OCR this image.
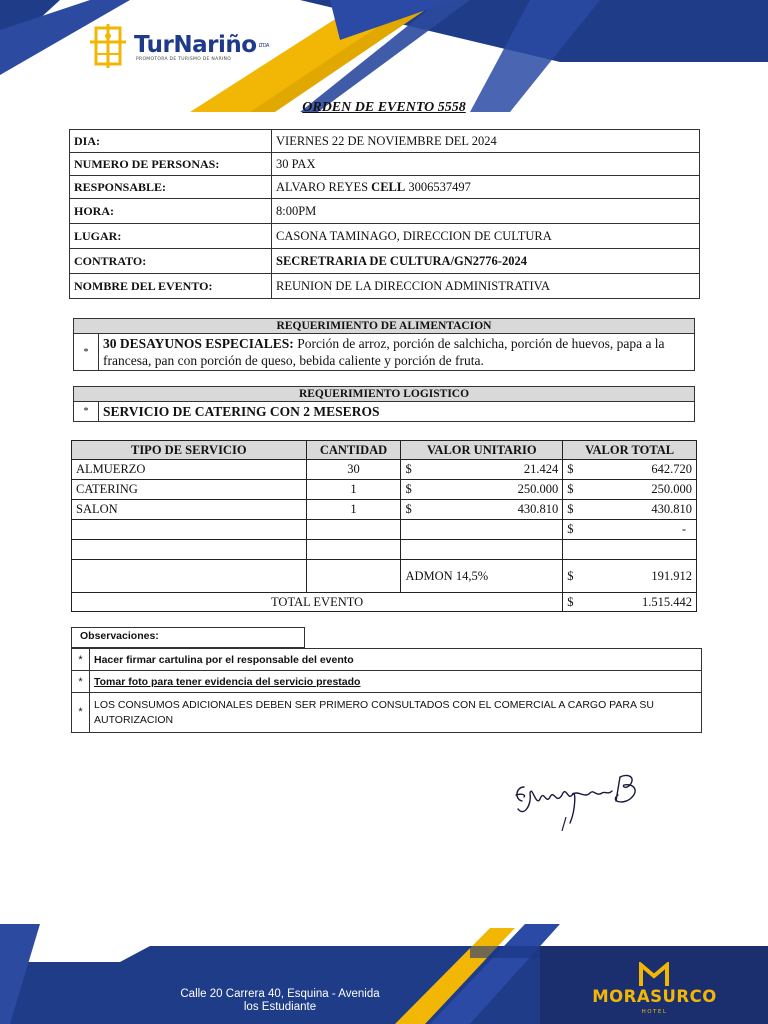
TurNariño LTDA
PROMOTORA DE TURISMO DE NARIÑO
ORDEN DE EVENTO 5558
DIA:	VIERNES 22 DE NOVIEMBRE DEL 2024
NUMERO DE PERSONAS:	30 PAX
RESPONSABLE:	ALVARO REYES CELL 3006537497
HORA:	8:00PM
LUGAR:	CASONA TAMINAGO, DIRECCION DE CULTURA
CONTRATO:	SECRETRARIA DE CULTURA/GN2776-2024
NOMBRE DEL EVENTO:	REUNION DE LA DIRECCION ADMINISTRATIVA
REQUERIMIENTO DE ALIMENTACION
*	30 DESAYUNOS ESPECIALES: Porción de arroz, porción de salchicha, porción de huevos, papa a la francesa, pan con porción de queso, bebida caliente y porción de fruta.
REQUERIMIENTO LOGISTICO
*	SERVICIO DE CATERING CON 2 MESEROS
TIPO DE SERVICIO	CANTIDAD	VALOR UNITARIO	VALOR TOTAL
ALMUERZO	30	$ 21.424	$ 642.720

CATERING	1	$ 250.000	$ 250.000

SALON	1	$ 430.810	$ 430.810

			$ -

		ADMON 14,5%	$ 191.912

TOTAL EVENTO			$ 1.515.442
Observaciones:
*	Hacer firmar cartulina por el responsable del evento
*	Tomar foto para tener evidencia del servicio prestado
*	LOS CONSUMOS ADICIONALES DEBEN SER PRIMERO CONSULTADOS CON EL COMERCIAL A CARGO PARA SU AUTORIZACION
Calle 20 Carrera 40, Esquina - Avenida
los Estudiante
MORASURCO
HOTEL
